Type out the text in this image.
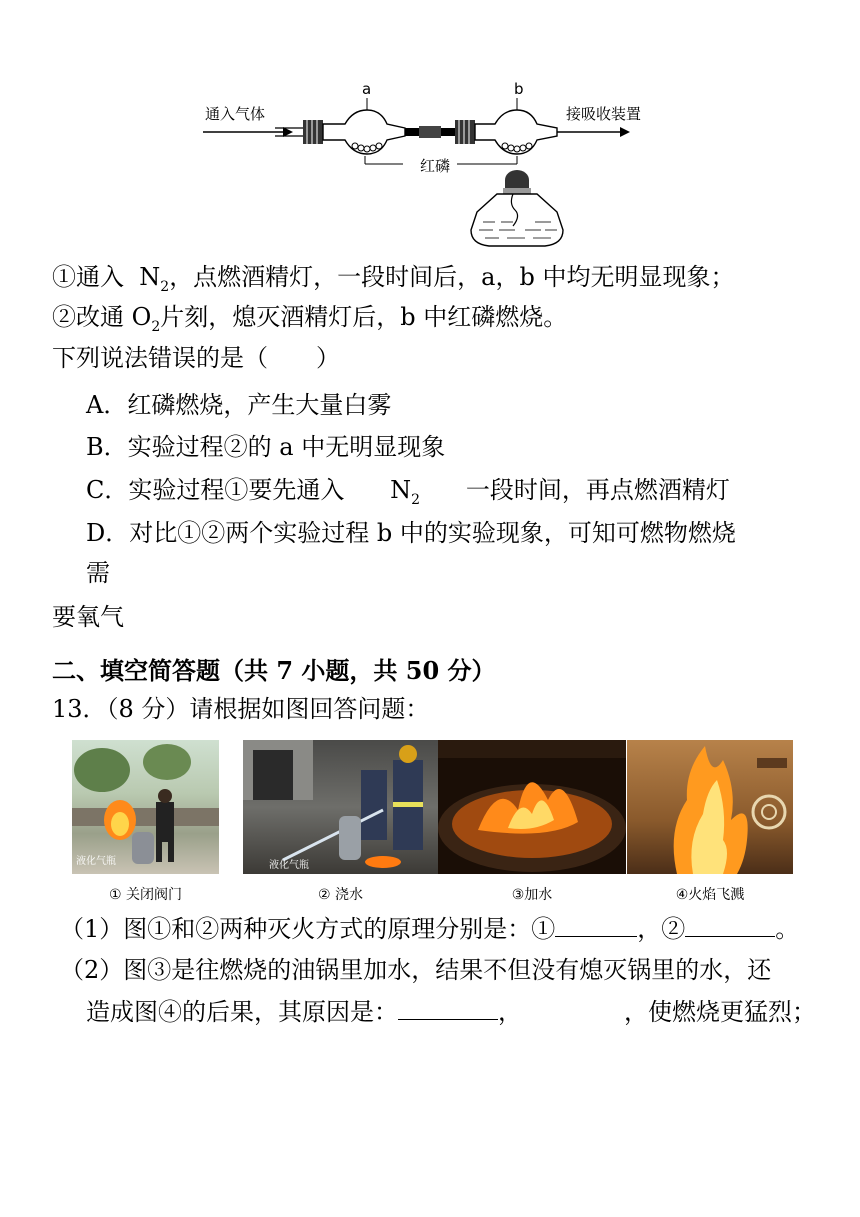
通入气体	接吸收装置
a	b
红磷
①通入 $N_2$，点燃酒精灯，一段时间后，a，b 中均无明显现象；
②改通 $O_2$片刻，熄灭酒精灯后，b 中红磷燃烧。
下列说法错误的是（　　）
A．红磷燃烧，产生大量白雾
B．实验过程②的 a 中无明显现象
C．实验过程①要先通入 $N_2$ 一段时间，再点燃酒精灯
D．对比①②两个实验过程 b 中的实验现象，可知可燃物燃烧
需
要氧气
二、填空简答题（共 7 小题，共 50 分）
13．（8 分）请根据如图回答问题：
液化气瓶	液化气瓶
① 关闭阀门	② 浇水	③加水	④火焰飞溅
（1）图①和②两种灭火方式的原理分别是：①	，②	。
（2）图③是往燃烧的油锅里加水，结果不但没有熄灭锅里的水，还
造成图④的后果，其原因是：	，	，使燃烧更猛烈；
